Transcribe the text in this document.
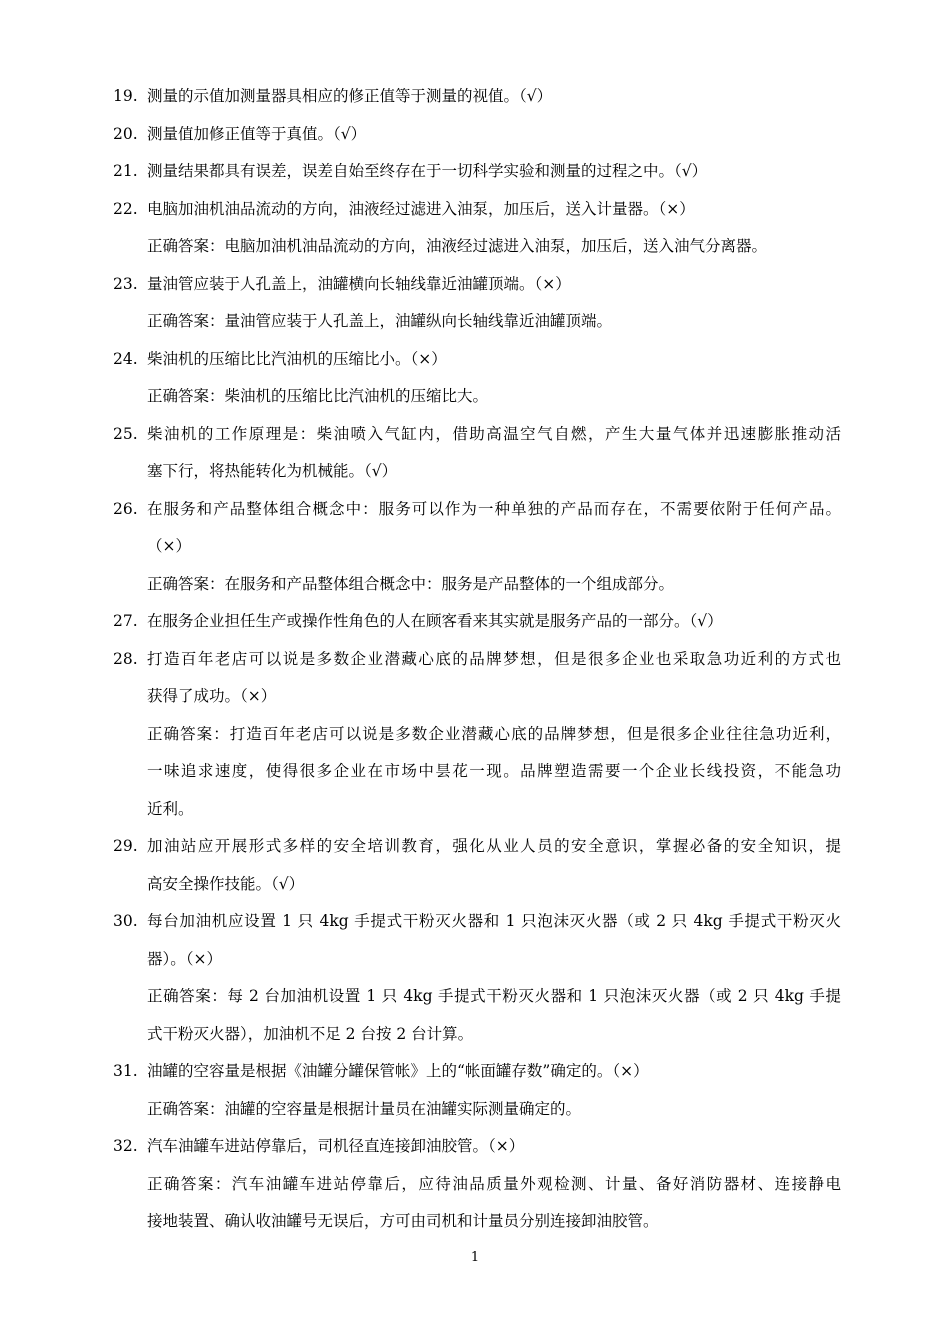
19. 测量的示值加测量器具相应的修正值等于测量的视值。（√）
20. 测量值加修正值等于真值。（√）
21. 测量结果都具有误差，误差自始至终存在于一切科学实验和测量的过程之中。（√）
22. 电脑加油机油品流动的方向，油液经过滤进入油泵，加压后，送入计量器。（×）
正确答案：电脑加油机油品流动的方向，油液经过滤进入油泵，加压后，送入油气分离器。
23. 量油管应装于人孔盖上，油罐横向长轴线靠近油罐顶端。（×）
正确答案：量油管应装于人孔盖上，油罐纵向长轴线靠近油罐顶端。
24. 柴油机的压缩比比汽油机的压缩比小。（×）
正确答案：柴油机的压缩比比汽油机的压缩比大。
25. 柴油机的工作原理是：柴油喷入气缸内，借助高温空气自燃，产生大量气体并迅速膨胀推动活
塞下行，将热能转化为机械能。（√）
26. 在服务和产品整体组合概念中：服务可以作为一种单独的产品而存在，不需要依附于任何产品。
（×）
正确答案：在服务和产品整体组合概念中：服务是产品整体的一个组成部分。
27. 在服务企业担任生产或操作性角色的人在顾客看来其实就是服务产品的一部分。（√）
28. 打造百年老店可以说是多数企业潜藏心底的品牌梦想，但是很多企业也采取急功近利的方式也
获得了成功。（×）
正确答案：打造百年老店可以说是多数企业潜藏心底的品牌梦想，但是很多企业往往急功近利，
一味追求速度，使得很多企业在市场中昙花一现。品牌塑造需要一个企业长线投资，不能急功
近利。
29. 加油站应开展形式多样的安全培训教育，强化从业人员的安全意识，掌握必备的安全知识，提
高安全操作技能。（√）
30. 每台加油机应设置 1 只 4kg 手提式干粉灭火器和 1 只泡沫灭火器（或 2 只 4kg 手提式干粉灭火
器）。（×）
正确答案：每 2 台加油机设置 1 只 4kg 手提式干粉灭火器和 1 只泡沫灭火器（或 2 只 4kg 手提
式干粉灭火器），加油机不足 2 台按 2 台计算。
31. 油罐的空容量是根据《油罐分罐保管帐》上的“帐面罐存数”确定的。（×）
正确答案：油罐的空容量是根据计量员在油罐实际测量确定的。
32. 汽车油罐车进站停靠后，司机径直连接卸油胶管。（×）
正确答案：汽车油罐车进站停靠后，应待油品质量外观检测、计量、备好消防器材、连接静电
接地装置、确认收油罐号无误后，方可由司机和计量员分别连接卸油胶管。
1
